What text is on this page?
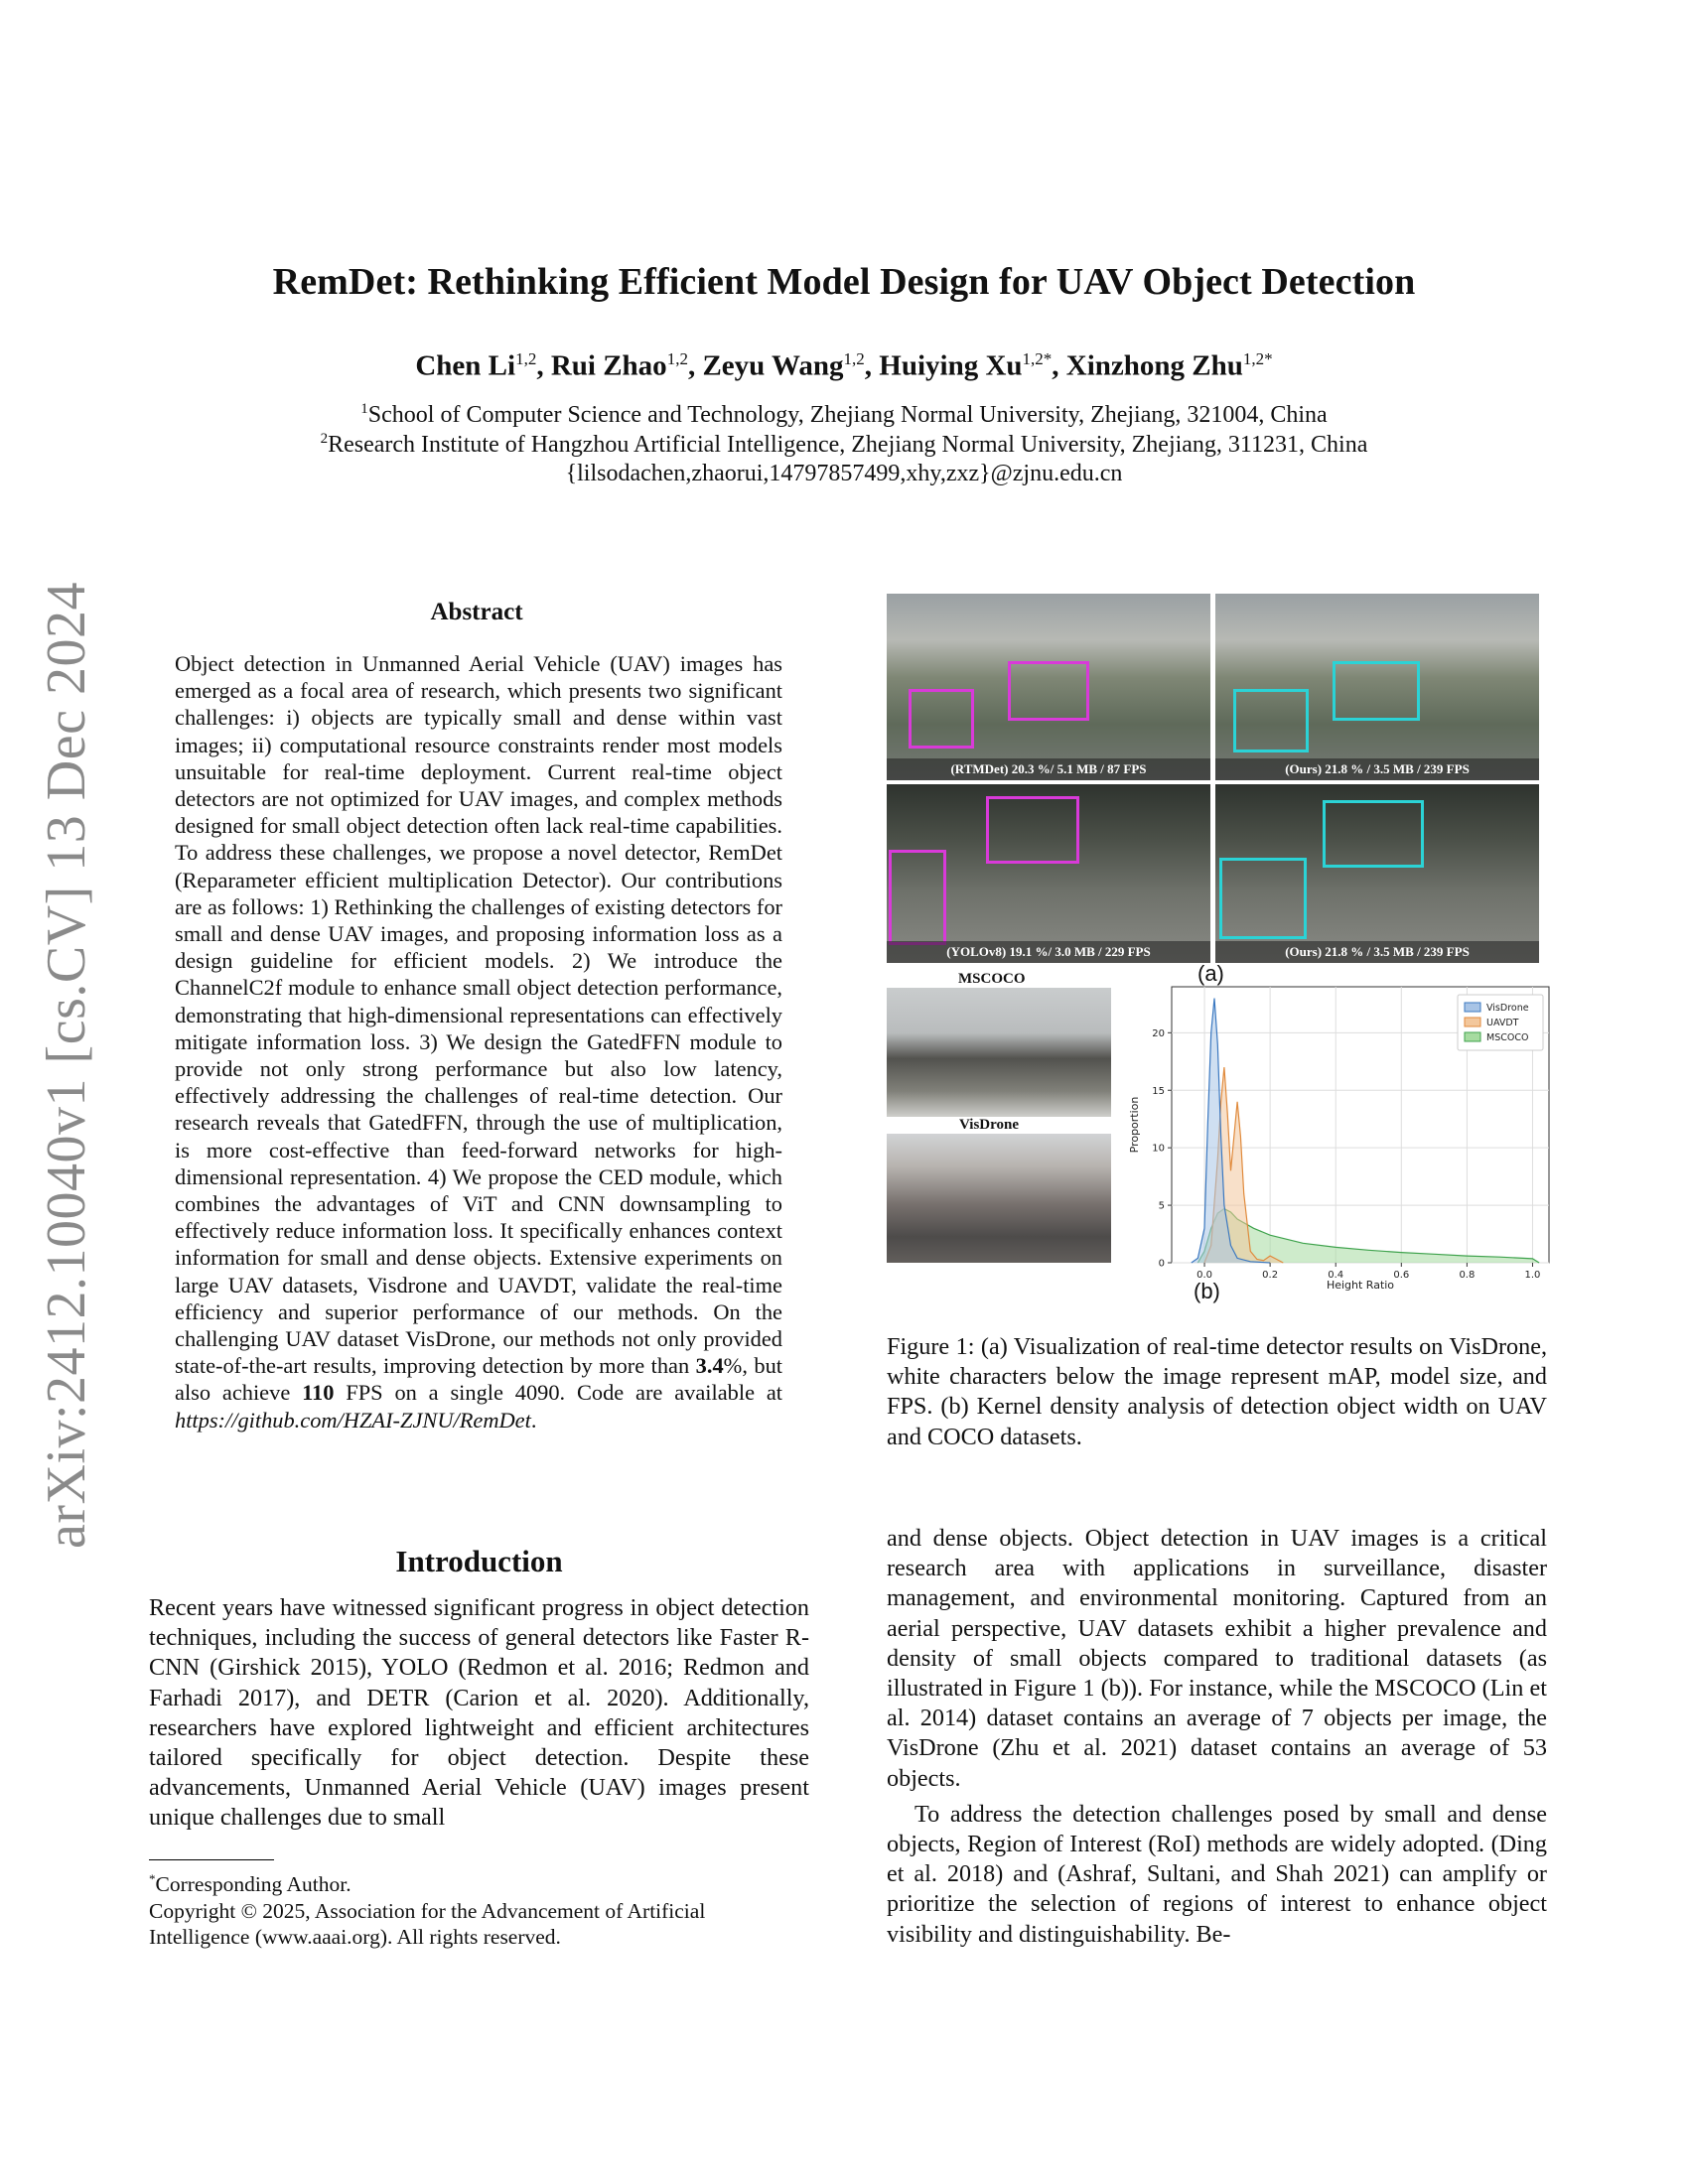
arXiv:2412.10040v1 [cs.CV] 13 Dec 2024
RemDet: Rethinking Efficient Model Design for UAV Object Detection
Chen Li$^{1,2}$, Rui Zhao$^{1,2}$, Zeyu Wang$^{1,2}$, Huiying $Xu^{1,2*}$, Xinzhong Zhu$^{1,2*}$
$^1$School of Computer Science and Technology, Zhejiang Normal University, Zhejiang, 321004, China
$^2$Research Institute of Hangzhou Artificial Intelligence, Zhejiang Normal University, Zhejiang, 311231, China
{lilsodachen,zhaorui,14797857499,xhy,zxz}@zjnu.edu.cn
Abstract
Object detection in Unmanned Aerial Vehicle (UAV) images has emerged as a focal area of research, which presents two significant challenges: i) objects are typically small and dense within vast images; ii) computational resource constraints render most models unsuitable for real-time deployment. Current real-time object detectors are not optimized for UAV images, and complex methods designed for small object detection often lack real-time capabilities. To address these challenges, we propose a novel detector, RemDet (Reparameter efficient multiplication Detector). Our contributions are as follows: 1) Rethinking the challenges of existing detectors for small and dense UAV images, and proposing information loss as a design guideline for efficient models. 2) We introduce the ChannelC2f module to enhance small object detection performance, demonstrating that high-dimensional representations can effectively mitigate information loss. 3) We design the GatedFFN module to provide not only strong performance but also low latency, effectively addressing the challenges of real-time detection. Our research reveals that GatedFFN, through the use of multiplication, is more cost-effective than feed-forward networks for high-dimensional representation. 4) We propose the CED module, which combines the advantages of ViT and CNN downsampling to effectively reduce information loss. It specifically enhances context information for small and dense objects. Extensive experiments on large UAV datasets, Visdrone and UAVDT, validate the real-time efficiency and superior performance of our methods. On the challenging UAV dataset VisDrone, our methods not only provided state-of-the-art results, improving detection by more than 3.4%, but also achieve 110 FPS on a single 4090. Code are available at https://github.com/HZAI-ZJNU/RemDet.
Introduction
Recent years have witnessed significant progress in object detection techniques, including the success of general detectors like Faster R-CNN (Girshick 2015), YOLO (Redmon et al. 2016; Redmon and Farhadi 2017), and DETR (Carion et al. 2020). Additionally, researchers have explored lightweight and efficient architectures tailored specifically for object detection. Despite these advancements, Unmanned Aerial Vehicle (UAV) images present unique challenges due to small
*Corresponding Author.
Copyright © 2025, Association for the Advancement of Artificial Intelligence (www.aaai.org). All rights reserved.
(RTMDet) 20.3 %/ 5.1 MB / 87 FPS	(Ours) 21.8 % / 3.5 MB / 239 FPS
(YOLOv8) 19.1 %/ 3.0 MB / 229 FPS	(Ours) 21.8 % / 3.5 MB / 239 FPS
(a)
MSCOCO
VisDrone
0.0	0.2	0.4	0.6	0.8	1.0
0
5
10
15
20
Height Ratio
Proportion
VisDrone
UAVDT
MSCOCO
(b)
Figure 1: (a) Visualization of real-time detector results on VisDrone, white characters below the image represent mAP, model size, and FPS. (b) Kernel density analysis of detection object width on UAV and COCO datasets.

and dense objects. Object detection in UAV images is a critical research area with applications in surveillance, disaster management, and environmental monitoring. Captured from an aerial perspective, UAV datasets exhibit a higher prevalence and density of small objects compared to traditional datasets (as illustrated in Figure 1 (b)). For instance, while the MSCOCO (Lin et al. 2014) dataset contains an average of 7 objects per image, the VisDrone (Zhu et al. 2021) dataset contains an average of 53 objects.

To address the detection challenges posed by small and dense objects, Region of Interest (RoI) methods are widely adopted. (Ding et al. 2018) and (Ashraf, Sultani, and Shah 2021) can amplify or prioritize the selection of regions of interest to enhance object visibility and distinguishability. Be-
